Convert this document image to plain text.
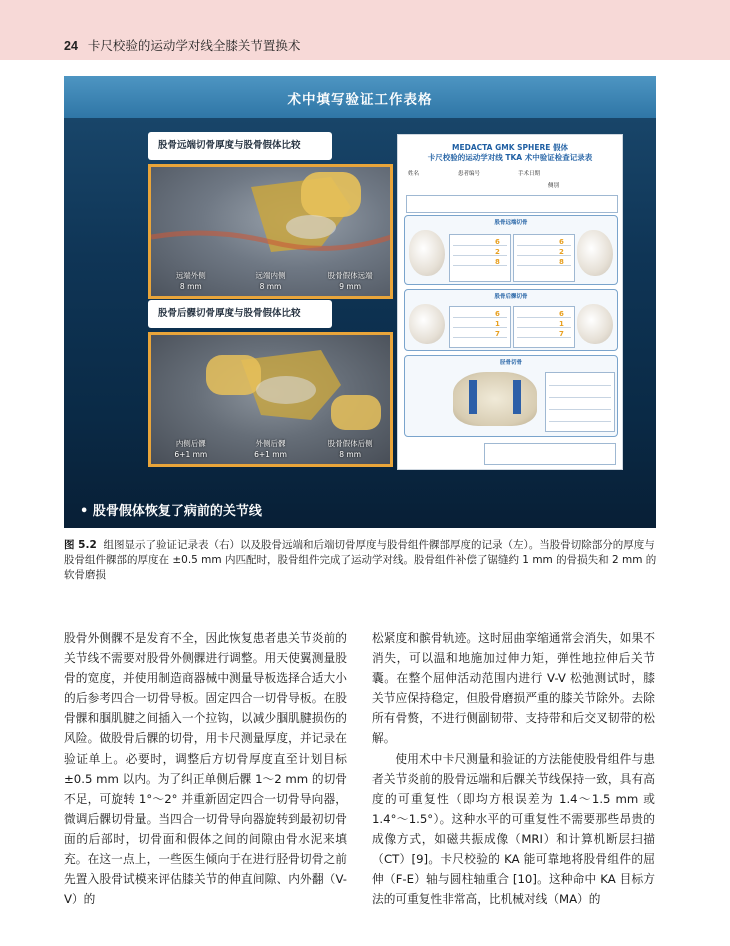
24 卡尺校验的运动学对线全膝关节置换术
术中填写验证工作表格
股骨远端切骨厚度与股骨假体比较
远端外侧
8 mm
远端内侧
8 mm
股骨假体远端
9 mm
股骨后髁切骨厚度与股骨假体比较
内侧后髁
6+1 mm
外侧后髁
6+1 mm
股骨假体后侧
8 mm
MEDACTA GMK SPHERE 假体
卡尺校验的运动学对线 TKA 术中验证检查记录表
姓名	患者编号	手术日期
侧别
股骨远端切骨
6
2
8
6
2
8
股骨后髁切骨
6
1
7
6
1
7
胫骨切骨
• 股骨假体恢复了病前的关节线
图 5.2 组图显示了验证记录表（右）以及股骨远端和后端切骨厚度与股骨组件髁部厚度的记录（左）。当股骨切除部分的厚度与股骨组件髁部的厚度在 ±0.5 mm 内匹配时，股骨组件完成了运动学对线。股骨组件补偿了锯缝约 1 mm 的骨损失和 2 mm 的软骨磨损

股骨外侧髁不是发育不全，因此恢复患者患关节炎前的关节线不需要对股骨外侧髁进行调整。用天使翼测量股骨的宽度，并使用制造商器械中测量导板选择合适大小的后参考四合一切骨导板。固定四合一切骨导板。在股骨髁和腘肌腱之间插入一个拉钩，以减少腘肌腱损伤的风险。做股骨后髁的切骨，用卡尺测量厚度，并记录在验证单上。必要时，调整后方切骨厚度直至计划目标 ±0.5 mm 以内。为了纠正单侧后髁 1～2 mm 的切骨不足，可旋转 1°～2° 并重新固定四合一切骨导向器，微调后髁切骨量。当四合一切骨导向器旋转到最初切骨面的后部时，切骨面和假体之间的间隙由骨水泥来填充。在这一点上，一些医生倾向于在进行胫骨切骨之前先置入股骨试模来评估膝关节的伸直间隙、内外翻（V-V）的

松紧度和髌骨轨迹。这时屈曲挛缩通常会消失，如果不消失，可以温和地施加过伸力矩，弹性地拉伸后关节囊。在整个屈伸活动范围内进行 V-V 松弛测试时，膝关节应保持稳定，但股骨磨损严重的膝关节除外。去除所有骨赘，不进行侧副韧带、支持带和后交叉韧带的松解。

使用术中卡尺测量和验证的方法能使股骨组件与患者关节炎前的股骨远端和后髁关节线保持一致，具有高度的可重复性（即均方根误差为 1.4～1.5 mm 或 1.4°～1.5°）。这种水平的可重复性不需要那些昂贵的成像方式，如磁共振成像（MRI）和计算机断层扫描（CT）[9]。卡尺校验的 KA 能可靠地将股骨组件的屈伸（F-E）轴与圆柱轴重合 [10]。这种命中 KA 目标方法的可重复性非常高，比机械对线（MA）的
